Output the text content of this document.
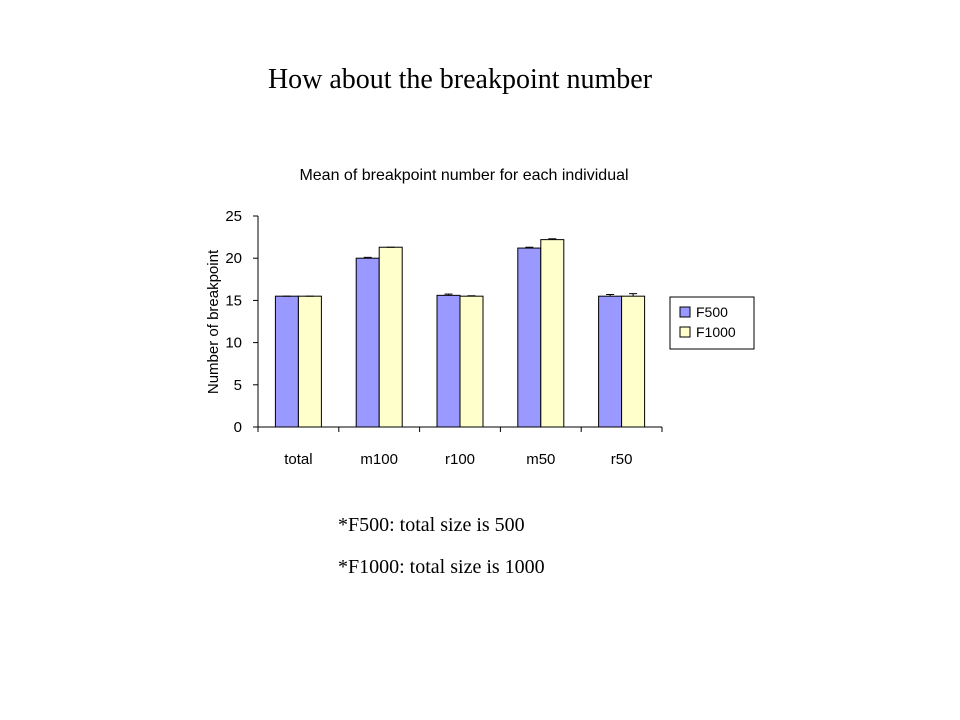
How about the breakpoint number
Mean of breakpoint number for each individual
Number of breakpoint
0
5
10
15
20
25
total	m100	r100	m50	r50
F500
F1000
*F500: total size is 500
*F1000: total size is 1000
